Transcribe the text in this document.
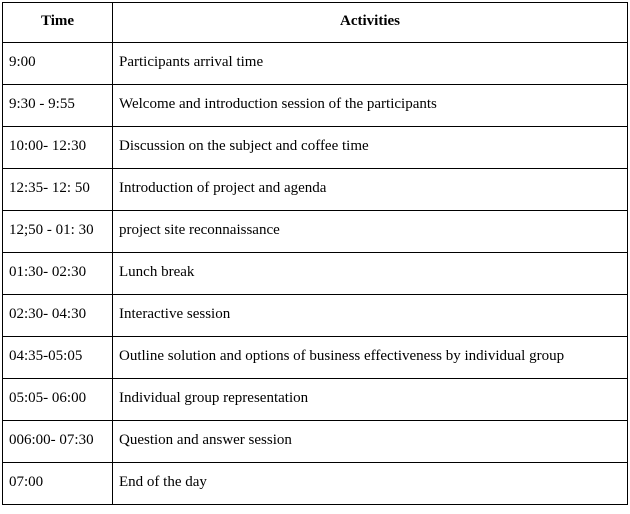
Time	Activities
9:00	Participants arrival time
9:30 - 9:55	Welcome and introduction session of the participants
10:00- 12:30	Discussion on the subject and coffee time
12:35- 12: 50	Introduction of project and agenda
12;50 - 01: 30	project site reconnaissance
01:30- 02:30	Lunch break
02:30- 04:30	Interactive session
04:35-05:05	Outline solution and options of business effectiveness by individual group
05:05- 06:00	Individual group representation
006:00- 07:30	Question and answer session
07:00	End of the day
